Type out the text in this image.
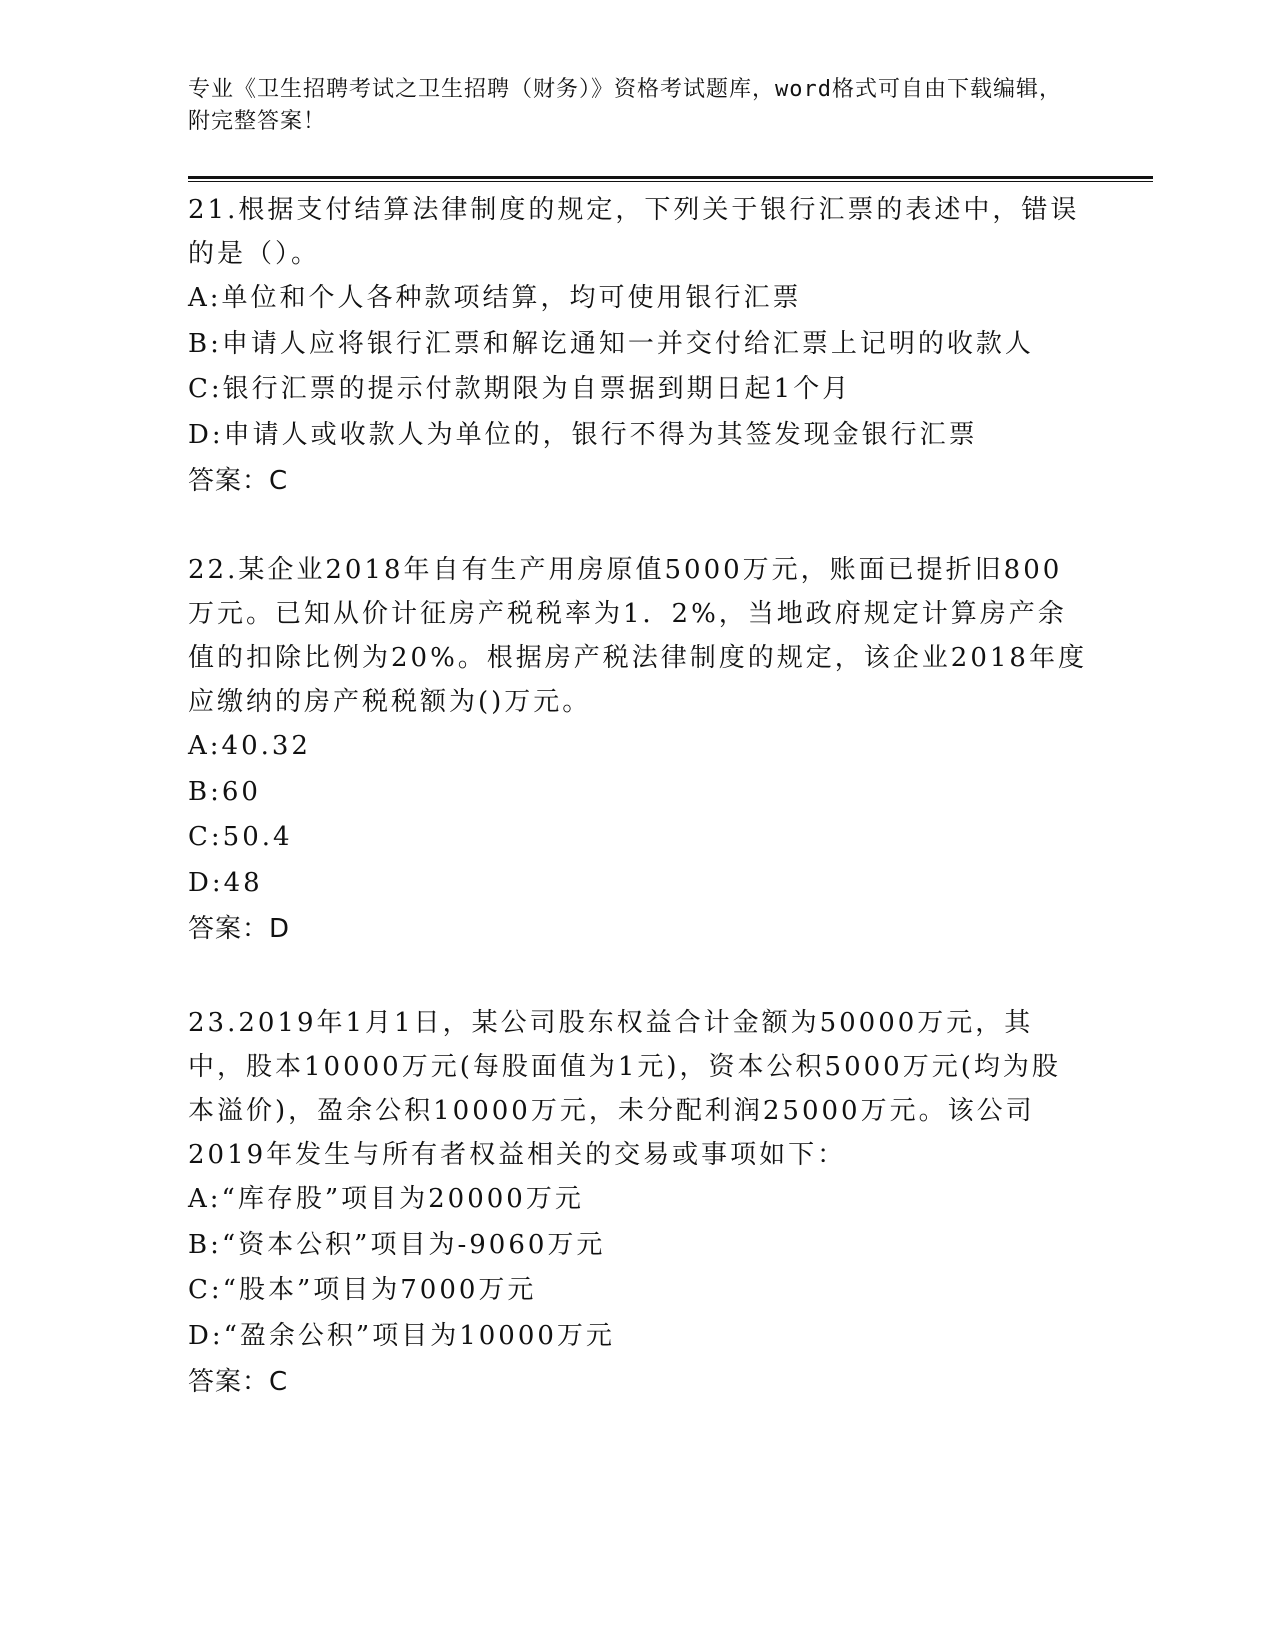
专业《卫生招聘考试之卫生招聘（财务）》资格考试题库，word格式可自由下载编辑，附完整答案！

21.根据支付结算法律制度的规定，下列关于银行汇票的表述中，错误的是（）。

A:单位和个人各种款项结算，均可使用银行汇票

B:申请人应将银行汇票和解讫通知一并交付给汇票上记明的收款人

C:银行汇票的提示付款期限为自票据到期日起1个月

D:申请人或收款人为单位的，银行不得为其签发现金银行汇票

答案：C

22.某企业2018年自有生产用房原值5000万元，账面已提折旧800万元。已知从价计征房产税税率为1．2%，当地政府规定计算房产余值的扣除比例为20%。根据房产税法律制度的规定，该企业2018年度应缴纳的房产税税额为()万元。

A:40.32

B:60

C:50.4

D:48

答案：D

23.2019年1月1日，某公司股东权益合计金额为50000万元，其中，股本10000万元(每股面值为1元)，资本公积5000万元(均为股本溢价)，盈余公积10000万元，未分配利润25000万元。该公司2019年发生与所有者权益相关的交易或事项如下：

A:“库存股”项目为20000万元

B:“资本公积”项目为-9060万元

C:“股本”项目为7000万元

D:“盈余公积”项目为10000万元

答案：C
